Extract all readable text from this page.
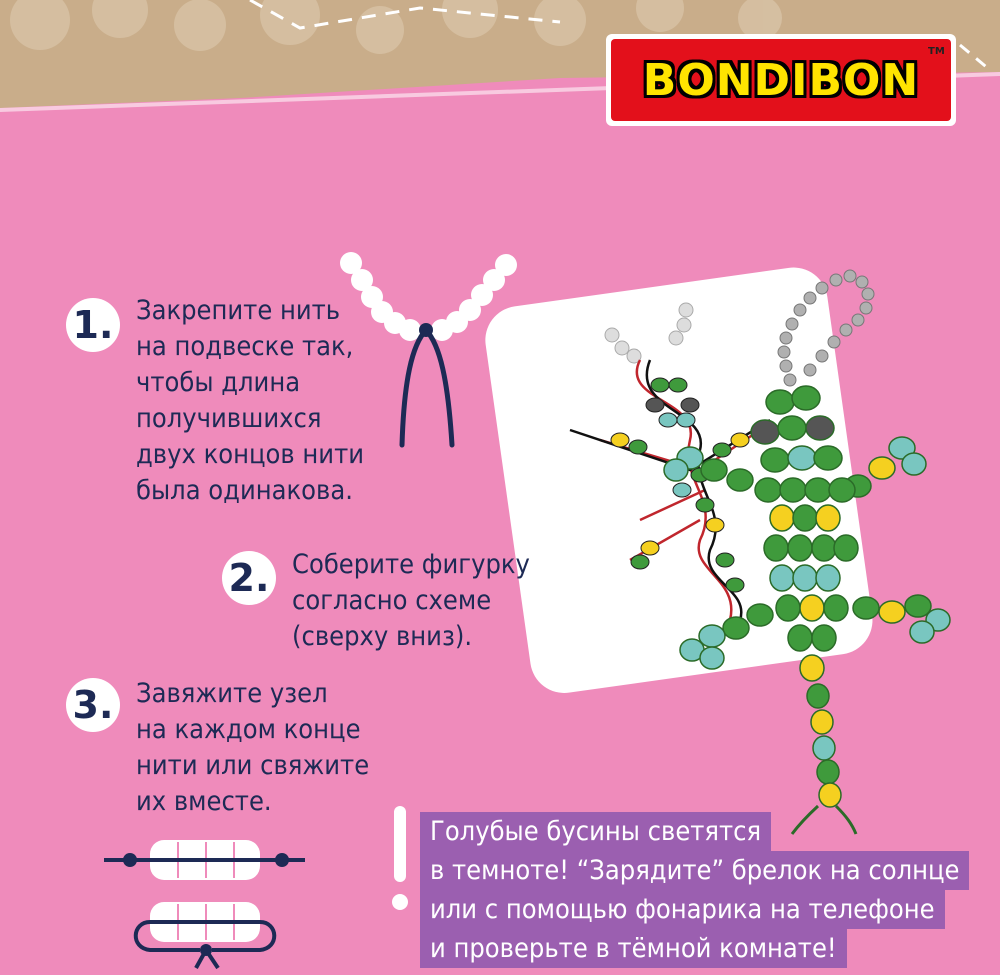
BONDIBON
TM
1. Закрепите нить
на подвеске так,
чтобы длина
получившихся
двух концов нити
была одинакова.
2. Соберите фигурку
согласно схеме
(сверху вниз).
3. Завяжите узел
на каждом конце
нити или свяжите
их вместе.
Голубые бусины светятся
в темноте! “Зарядите” брелок на солнце
или с помощью фонарика на телефоне
и проверьте в тёмной комнате!
